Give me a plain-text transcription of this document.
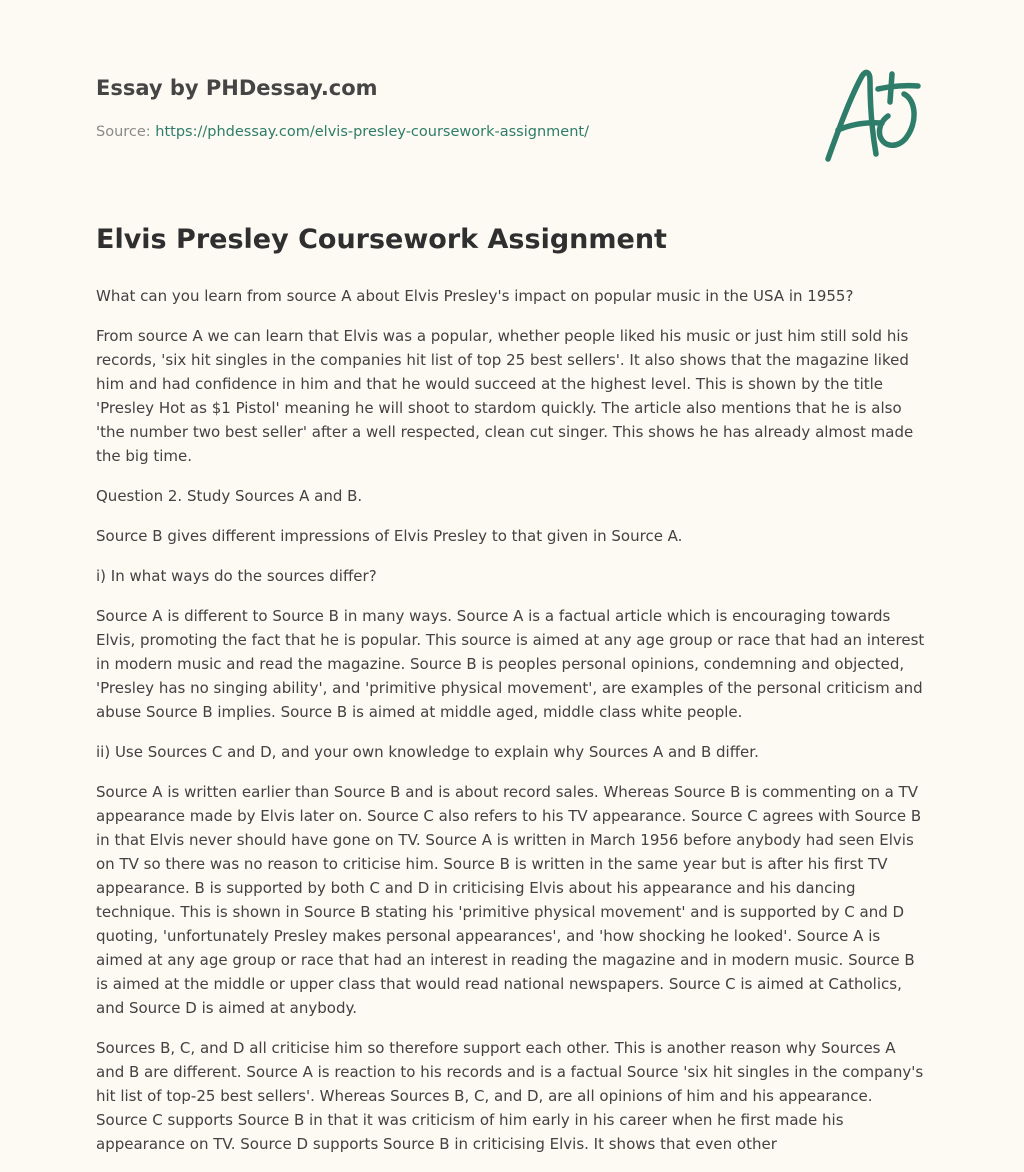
Essay by PHDessay.com

Source: https://phdessay.com/elvis-presley-coursework-assignment/

Elvis Presley Coursework Assignment

What can you learn from source A about Elvis Presley's impact on popular music in the USA in 1955?

From source A we can learn that Elvis was a popular, whether people liked his music or just him still sold his records, 'six hit singles in the companies hit list of top 25 best sellers'. It also shows that the magazine liked him and had confidence in him and that he would succeed at the highest level. This is shown by the title 'Presley Hot as $1 Pistol' meaning he will shoot to stardom quickly. The article also mentions that he is also 'the number two best seller' after a well respected, clean cut singer. This shows he has already almost made the big time.

Question 2. Study Sources A and B.

Source B gives different impressions of Elvis Presley to that given in Source A.

i) In what ways do the sources differ?

Source A is different to Source B in many ways. Source A is a factual article which is encouraging towards Elvis, promoting the fact that he is popular. This source is aimed at any age group or race that had an interest in modern music and read the magazine. Source B is peoples personal opinions, condemning and objected, 'Presley has no singing ability', and 'primitive physical movement', are examples of the personal criticism and abuse Source B implies. Source B is aimed at middle aged, middle class white people.

ii) Use Sources C and D, and your own knowledge to explain why Sources A and B differ.

Source A is written earlier than Source B and is about record sales. Whereas Source B is commenting on a TV appearance made by Elvis later on. Source C also refers to his TV appearance. Source C agrees with Source B in that Elvis never should have gone on TV. Source A is written in March 1956 before anybody had seen Elvis on TV so there was no reason to criticise him. Source B is written in the same year but is after his first TV appearance. B is supported by both C and D in criticising Elvis about his appearance and his dancing technique. This is shown in Source B stating his 'primitive physical movement' and is supported by C and D quoting, 'unfortunately Presley makes personal appearances', and 'how shocking he looked'. Source A is aimed at any age group or race that had an interest in reading the magazine and in modern music. Source B is aimed at the middle or upper class that would read national newspapers. Source C is aimed at Catholics, and Source D is aimed at anybody.

Sources B, C, and D all criticise him so therefore support each other. This is another reason why Sources A and B are different. Source A is reaction to his records and is a factual Source 'six hit singles in the company's hit list of top-25 best sellers'. Whereas Sources B, C, and D, are all opinions of him and his appearance. Source C supports Source B in that it was criticism of him early in his career when he first made his appearance on TV. Source D supports Source B in criticising Elvis. It shows that even other
